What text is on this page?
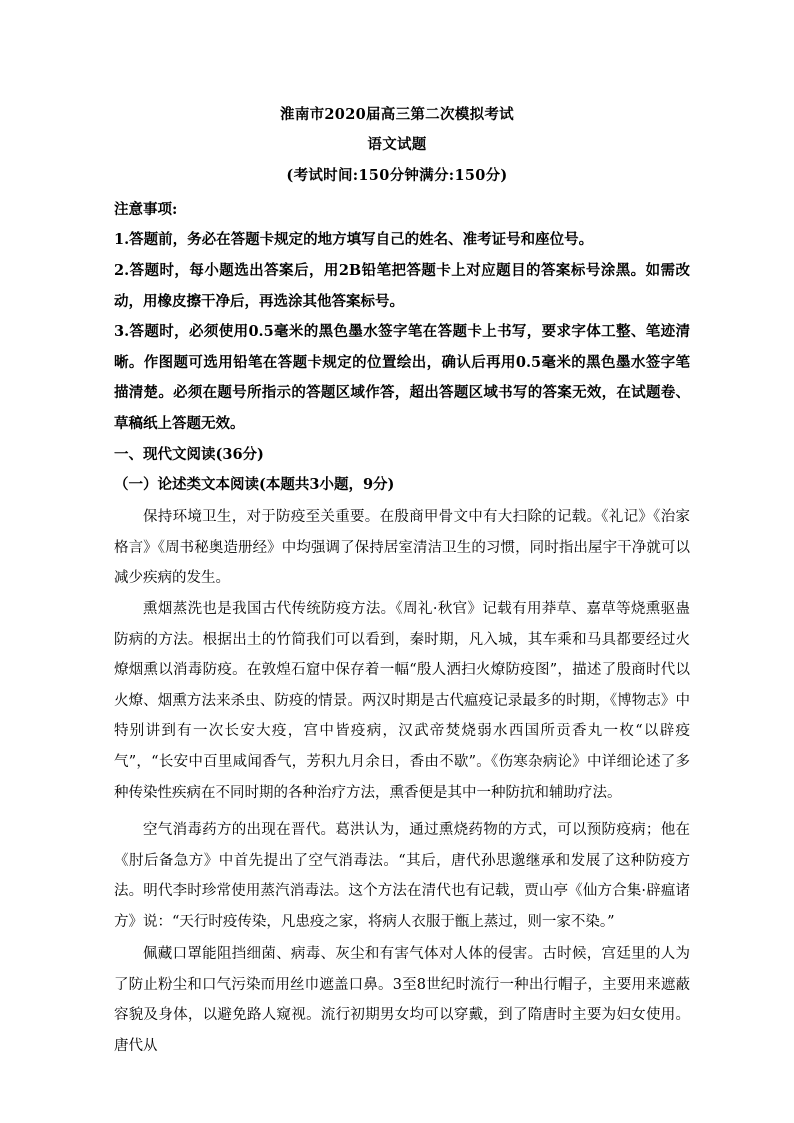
淮南市2020届高三第二次模拟考试
语文试题
(考试时间:150分钟满分:150分)
注意事项:
1.答题前，务必在答题卡规定的地方填写自己的姓名、准考证号和座位号。
2.答题时，每小题选出答案后，用2B铅笔把答题卡上对应题目的答案标号涂黑。如需改动，用橡皮擦干净后，再选涂其他答案标号。
3.答题时，必须使用0.5毫米的黑色墨水签字笔在答题卡上书写，要求字体工整、笔迹清晰。作图题可选用铅笔在答题卡规定的位置绘出，确认后再用0.5毫米的黑色墨水签字笔描清楚。必须在题号所指示的答题区域作答，超出答题区域书写的答案无效，在试题卷、草稿纸上答题无效。
一、现代文阅读(36分)
（一）论述类文本阅读(本题共3小题，9分)
保持环境卫生，对于防疫至关重要。在殷商甲骨文中有大扫除的记载。《礼记》《治家格言》《周书秘奥造册经》中均强调了保持居室清洁卫生的习惯，同时指出屋宇干净就可以减少疾病的发生。
熏烟蒸洗也是我国古代传统防疫方法。《周礼·秋官》记载有用莽草、嘉草等烧熏驱蛊防病的方法。根据出土的竹简我们可以看到，秦时期，凡入城，其车乘和马具都要经过火燎烟熏以消毒防疫。在敦煌石窟中保存着一幅“殷人洒扫火燎防疫图”，描述了殷商时代以火燎、烟熏方法来杀虫、防疫的情景。两汉时期是古代瘟疫记录最多的时期，《博物志》中特别讲到有一次长安大疫，宫中皆疫病，汉武帝焚烧弱水西国所贡香丸一枚“以辟疫气”，“长安中百里咸闻香气，芳积九月余日，香由不歇”。《伤寒杂病论》中详细论述了多种传染性疾病在不同时期的各种治疗方法，熏香便是其中一种防抗和辅助疗法。
空气消毒药方的出现在晋代。葛洪认为，通过熏烧药物的方式，可以预防疫病；他在《肘后备急方》中首先提出了空气消毒法。“其后，唐代孙思邈继承和发展了这种防疫方法。明代李时珍常使用蒸汽消毒法。这个方法在清代也有记载，贾山亭《仙方合集·辟瘟诸方》说：“天行时疫传染，凡患疫之家，将病人衣服于甑上蒸过，则一家不染。”
佩藏口罩能阻挡细菌、病毒、灰尘和有害气体对人体的侵害。古时候，宫廷里的人为了防止粉尘和口气污染而用丝巾遮盖口鼻。3至8世纪时流行一种出行帽子，主要用来遮蔽容貌及身体，以避免路人窥视。流行初期男女均可以穿戴，到了隋唐时主要为妇女使用。唐代从
